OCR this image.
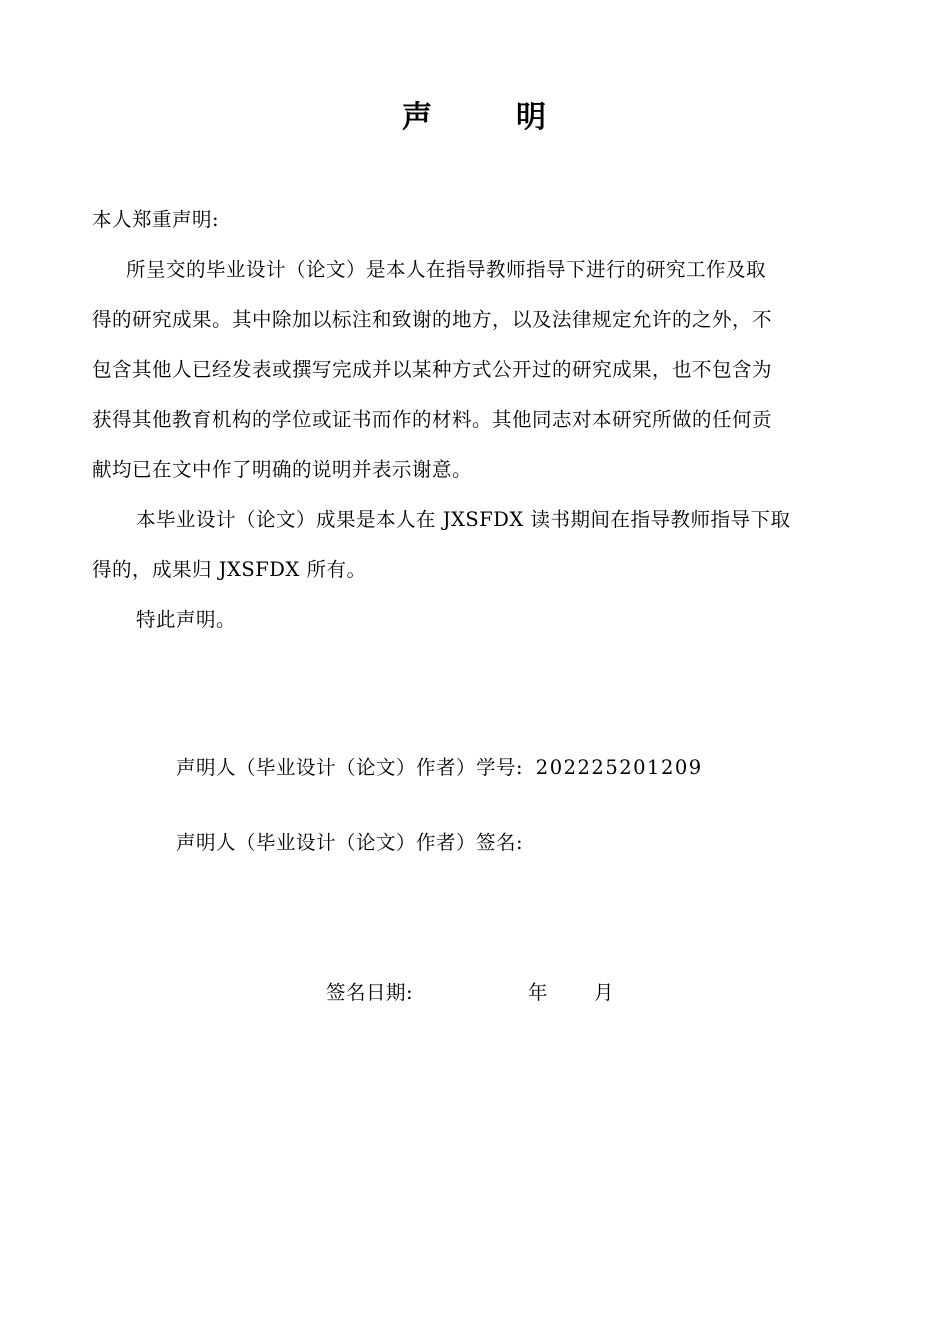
声	明
本人郑重声明:
所呈交的毕业设计（论文）是本人在指导教师指导下进行的研究工作及取
得的研究成果。其中除加以标注和致谢的地方，以及法律规定允许的之外，不
包含其他人已经发表或撰写完成并以某种方式公开过的研究成果，也不包含为
获得其他教育机构的学位或证书而作的材料。其他同志对本研究所做的任何贡
献均已在文中作了明确的说明并表示谢意。
本毕业设计（论文）成果是本人在 JXSFDX 读书期间在指导教师指导下取
得的，成果归 JXSFDX 所有。
特此声明。
声明人（毕业设计（论文）作者）学号: 202225201209
声明人（毕业设计（论文）作者）签名:
签名日期:	年 月
